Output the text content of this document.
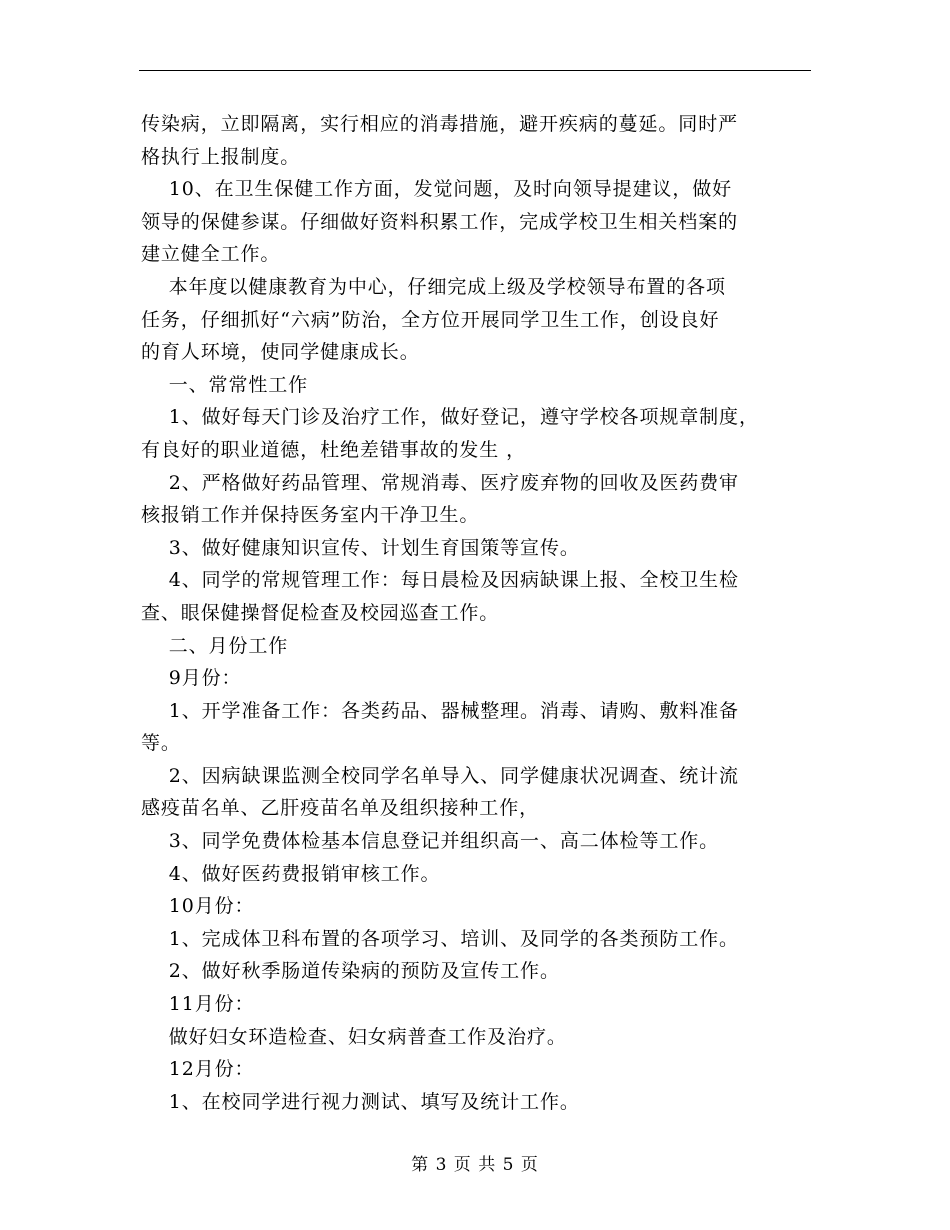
传染病，立即隔离，实行相应的消毒措施，避开疾病的蔓延。同时严
格执行上报制度。
10、在卫生保健工作方面，发觉问题，及时向领导提建议，做好
领导的保健参谋。仔细做好资料积累工作，完成学校卫生相关档案的
建立健全工作。
本年度以健康教育为中心，仔细完成上级及学校领导布置的各项
任务，仔细抓好“六病”防治，全方位开展同学卫生工作，创设良好
的育人环境，使同学健康成长。
一、常常性工作
1、做好每天门诊及治疗工作，做好登记，遵守学校各项规章制度，
有良好的职业道德，杜绝差错事故的发生 ，
2、严格做好药品管理、常规消毒、医疗废弃物的回收及医药费审
核报销工作并保持医务室内干净卫生。
3、做好健康知识宣传、计划生育国策等宣传。
4、同学的常规管理工作：每日晨检及因病缺课上报、全校卫生检
查、眼保健操督促检查及校园巡查工作。
二、月份工作
9月份：
1、开学准备工作：各类药品、器械整理。消毒、请购、敷料准备
等。
2、因病缺课监测全校同学名单导入、同学健康状况调查、统计流
感疫苗名单、乙肝疫苗名单及组织接种工作，
3、同学免费体检基本信息登记并组织高一、高二体检等工作。
4、做好医药费报销审核工作。
10月份：
1、完成体卫科布置的各项学习、培训、及同学的各类预防工作。
2、做好秋季肠道传染病的预防及宣传工作。
11月份：
做好妇女环造检查、妇女病普查工作及治疗。
12月份：
1、在校同学进行视力测试、填写及统计工作。
第 3 页 共 5 页
